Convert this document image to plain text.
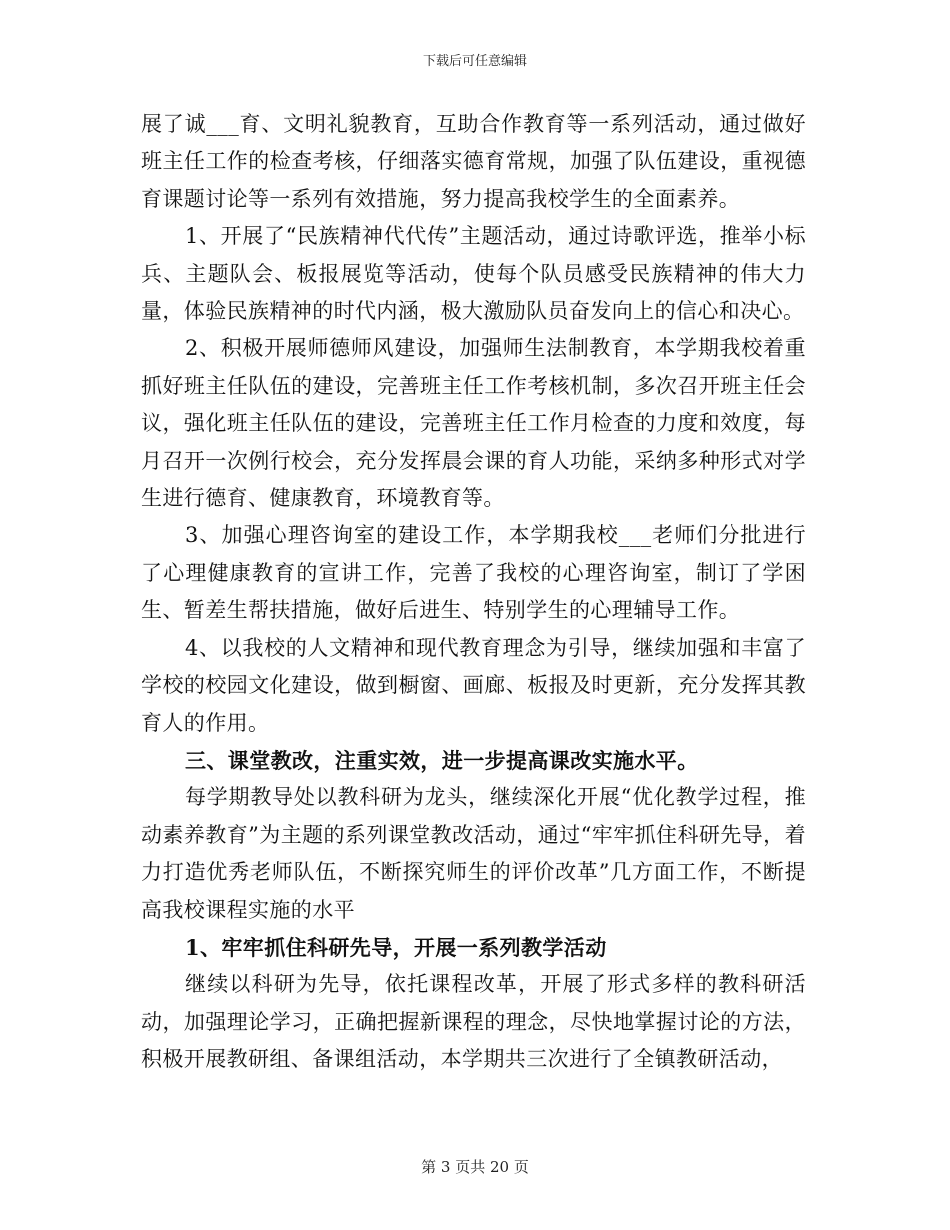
下载后可任意编辑

展了诚___育、文明礼貌教育，互助合作教育等一系列活动，通过做好班主任工作的检查考核，仔细落实德育常规，加强了队伍建设，重视德育课题讨论等一系列有效措施，努力提高我校学生的全面素养。

1、开展了“民族精神代代传”主题活动，通过诗歌评选，推举小标兵、主题队会、板报展览等活动，使每个队员感受民族精神的伟大力量，体验民族精神的时代内涵，极大激励队员奋发向上的信心和决心。

2、积极开展师德师风建设，加强师生法制教育，本学期我校着重抓好班主任队伍的建设，完善班主任工作考核机制，多次召开班主任会议，强化班主任队伍的建设，完善班主任工作月检查的力度和效度，每月召开一次例行校会，充分发挥晨会课的育人功能，采纳多种形式对学生进行德育、健康教育，环境教育等。

3、加强心理咨询室的建设工作，本学期我校___老师们分批进行了心理健康教育的宣讲工作，完善了我校的心理咨询室，制订了学困生、暂差生帮扶措施，做好后进生、特别学生的心理辅导工作。

4、以我校的人文精神和现代教育理念为引导，继续加强和丰富了学校的校园文化建设，做到橱窗、画廊、板报及时更新，充分发挥其教育人的作用。

三、课堂教改，注重实效，进一步提高课改实施水平。

每学期教导处以教科研为龙头，继续深化开展“优化教学过程，推动素养教育”为主题的系列课堂教改活动，通过“牢牢抓住科研先导，着力打造优秀老师队伍，不断探究师生的评价改革”几方面工作，不断提高我校课程实施的水平

1、牢牢抓住科研先导，开展一系列教学活动

继续以科研为先导，依托课程改革，开展了形式多样的教科研活动，加强理论学习，正确把握新课程的理念，尽快地掌握讨论的方法，积极开展教研组、备课组活动，本学期共三次进行了全镇教研活动，

第 3 页共 20 页
